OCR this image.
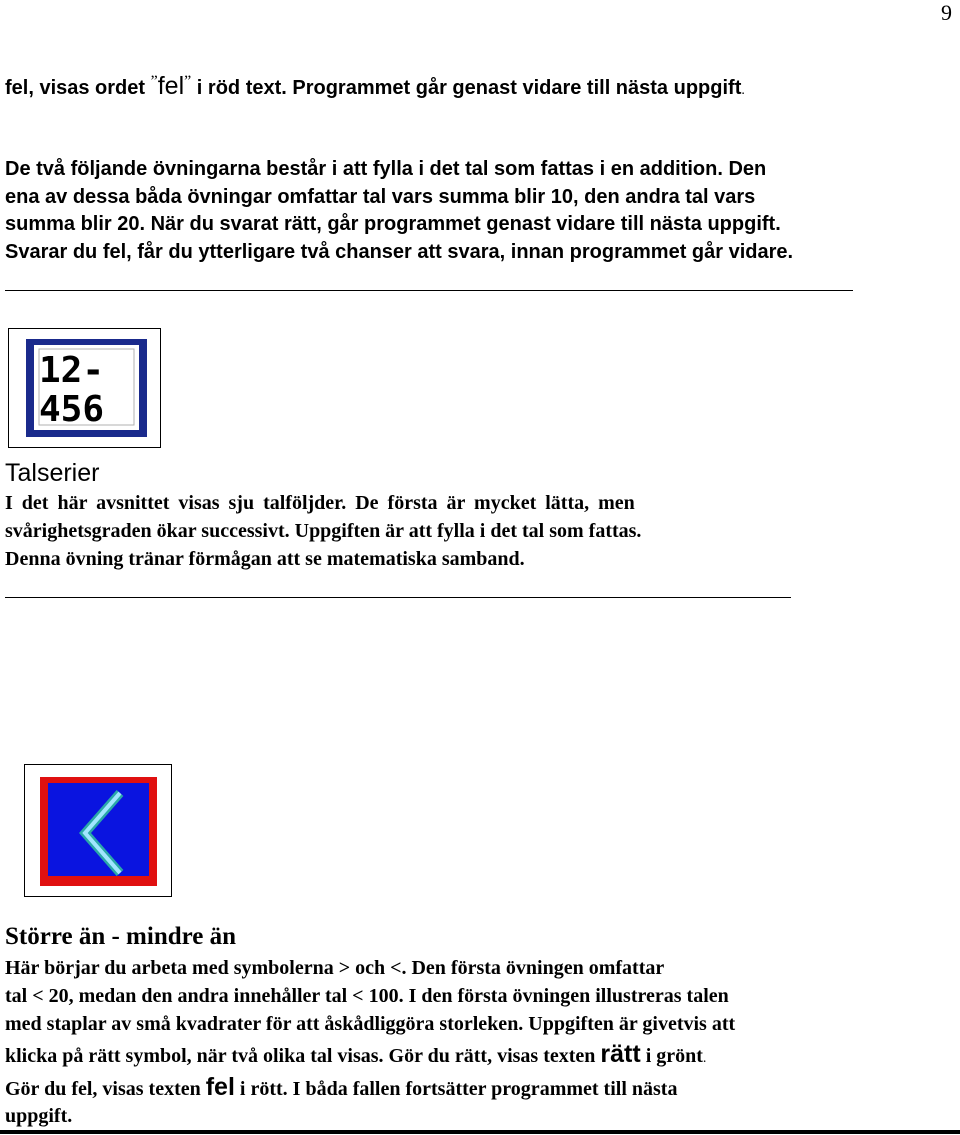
9
fel, visas ordet ”fel” i röd text. Programmet går genast vidare till nästa uppgift.
De två följande övningarna består i att fylla i det tal som fattas i en addition. Den
ena av dessa båda övningar omfattar tal vars summa blir 10, den andra tal vars
summa blir 20. När du svarat rätt, går programmet genast vidare till nästa uppgift.
Svarar du fel, får du ytterligare två chanser att svara, innan programmet går vidare.
12-
456
Talserier
I det här avsnittet visas sju talföljder. De första är mycket lätta, men
svårighetsgraden ökar successivt. Uppgiften är att fylla i det tal som fattas.
Denna övning tränar förmågan att se matematiska samband.
Större än - mindre än
Här börjar du arbeta med symbolerna > och <. Den första övningen omfattar
tal < 20, medan den andra innehåller tal < 100. I den första övningen illustreras talen
med staplar av små kvadrater för att åskådliggöra storleken. Uppgiften är givetvis att
klicka på rätt symbol, när två olika tal visas. Gör du rätt, visas texten rätt i grönt.
Gör du fel, visas texten fel i rött. I båda fallen fortsätter programmet till nästa
uppgift.
